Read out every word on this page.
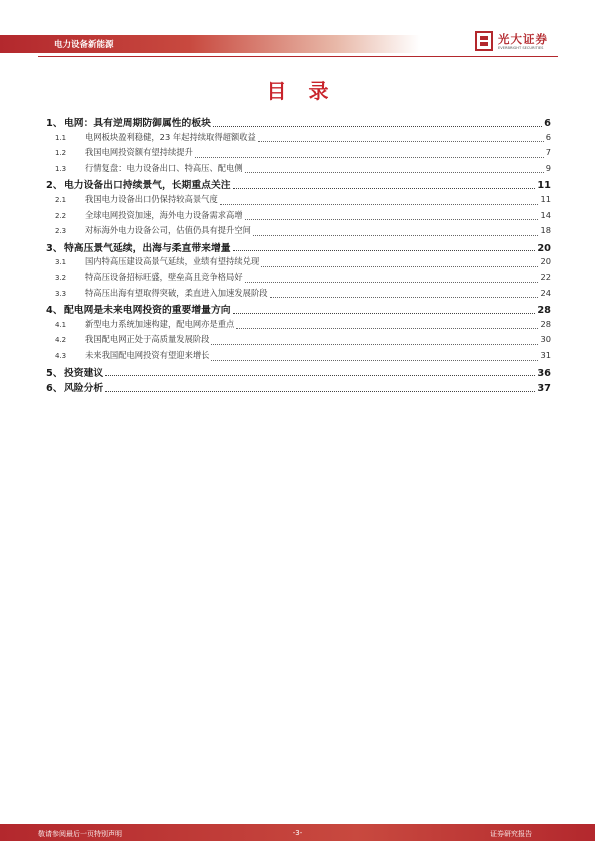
电力设备新能源	光大证券
EVERBRIGHT SECURITIES
目录
1、 电网：具有逆周期防御属性的板块	6
1.1	电网板块盈利稳健，23 年起持续取得超额收益	6
1.2	我国电网投资额有望持续提升	7
1.3	行情复盘：电力设备出口、特高压、配电侧	9
2、 电力设备出口持续景气，长期重点关注	11
2.1	我国电力设备出口仍保持较高景气度	11
2.2	全球电网投资加速，海外电力设备需求高增	14
2.3	对标海外电力设备公司，估值仍具有提升空间	18
3、 特高压景气延续，出海与柔直带来增量	20
3.1	国内特高压建设高景气延续，业绩有望持续兑现	20
3.2	特高压设备招标旺盛，壁垒高且竞争格局好	22
3.3	特高压出海有望取得突破，柔直进入加速发展阶段	24
4、 配电网是未来电网投资的重要增量方向	28
4.1	新型电力系统加速构建，配电网亦是重点	28
4.2	我国配电网正处于高质量发展阶段	30
4.3	未来我国配电网投资有望迎来增长	31
5、 投资建议	36
6、 风险分析	37
敬请参阅最后一页特别声明	-3-	证券研究报告
